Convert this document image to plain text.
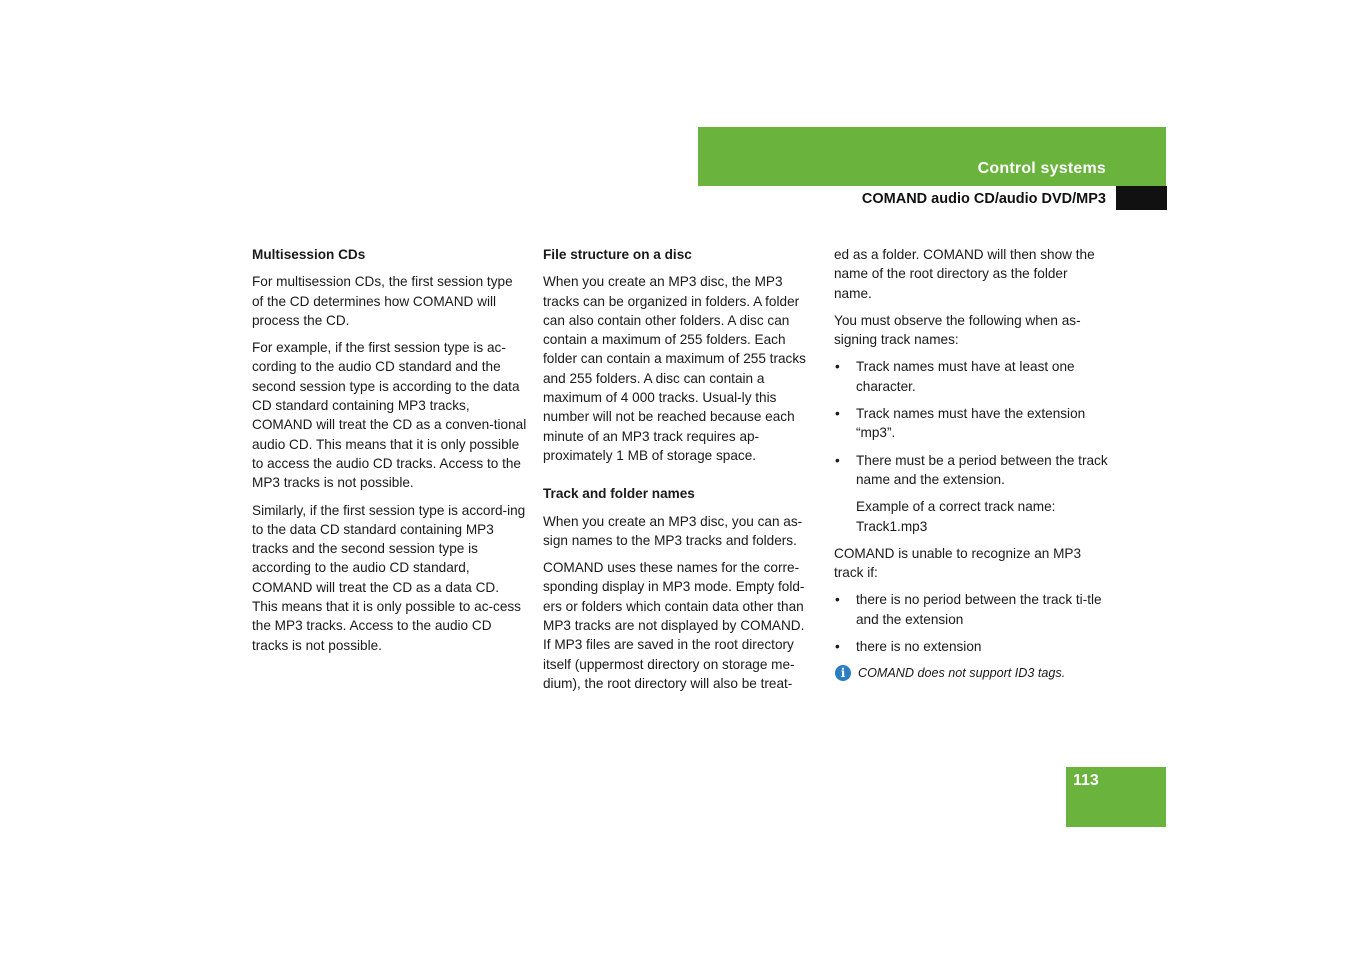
Control systems
COMAND audio CD/audio DVD/MP3
Multisession CDs

For multisession CDs, the first session type of the CD determines how COMAND will process the CD.

For example, if the first session type is ac-cording to the audio CD standard and the second session type is according to the data CD standard containing MP3 tracks, COMAND will treat the CD as a conven-tional audio CD. This means that it is only possible to access the audio CD tracks. Access to the MP3 tracks is not possible.

Similarly, if the first session type is accord-ing to the data CD standard containing MP3 tracks and the second session type is according to the audio CD standard, COMAND will treat the CD as a data CD. This means that it is only possible to ac-cess the MP3 tracks. Access to the audio CD tracks is not possible.

File structure on a disc

When you create an MP3 disc, the MP3 tracks can be organized in folders. A folder can also contain other folders. A disc can contain a maximum of 255 folders. Each folder can contain a maximum of 255 tracks and 255 folders. A disc can contain a maximum of 4 000 tracks. Usual-ly this number will not be reached because each minute of an MP3 track requires ap-proximately 1 MB of storage space.

Track and folder names

When you create an MP3 disc, you can as-sign names to the MP3 tracks and folders.

COMAND uses these names for the corre-sponding display in MP3 mode. Empty fold-ers or folders which contain data other than MP3 tracks are not displayed by COMAND.

If MP3 files are saved in the root directory itself (uppermost directory on storage me-dium), the root directory will also be treat-

ed as a folder. COMAND will then show the name of the root directory as the folder name.

You must observe the following when as-signing track names:

• Track names must have at least one character.
• Track names must have the extension “mp3”.
• There must be a period between the track name and the extension.

Example of a correct track name:
Track1.mp3

COMAND is unable to recognize an MP3 track if:

• there is no period between the track ti-tle and the extension
• there is no extension
i	COMAND does not support ID3 tags.
113
